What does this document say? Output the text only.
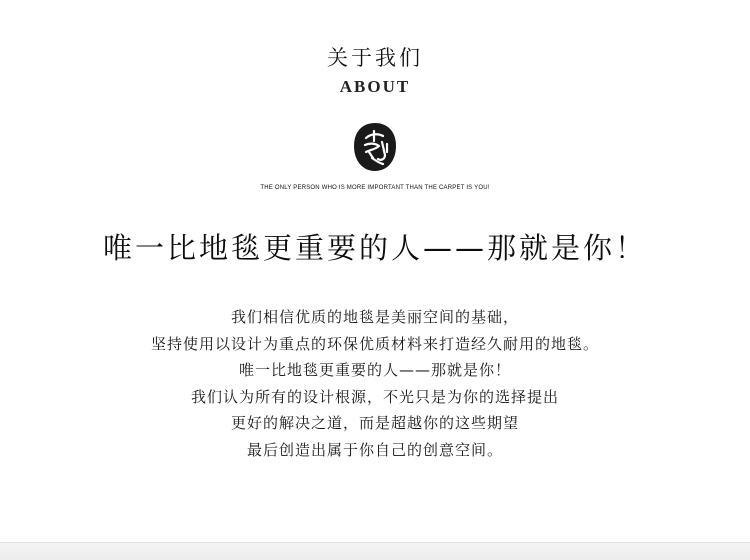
关于我们
ABOUT
THE ONLY PERSON WHO IS MORE IMPORTANT THAN THE CARPET IS YOU!
唯一比地毯更重要的人——那就是你！
我们相信优质的地毯是美丽空间的基础，
坚持使用以设计为重点的环保优质材料来打造经久耐用的地毯。
唯一比地毯更重要的人——那就是你！
我们认为所有的设计根源，不光只是为你的选择提出
更好的解决之道，而是超越你的这些期望
最后创造出属于你自己的创意空间。
